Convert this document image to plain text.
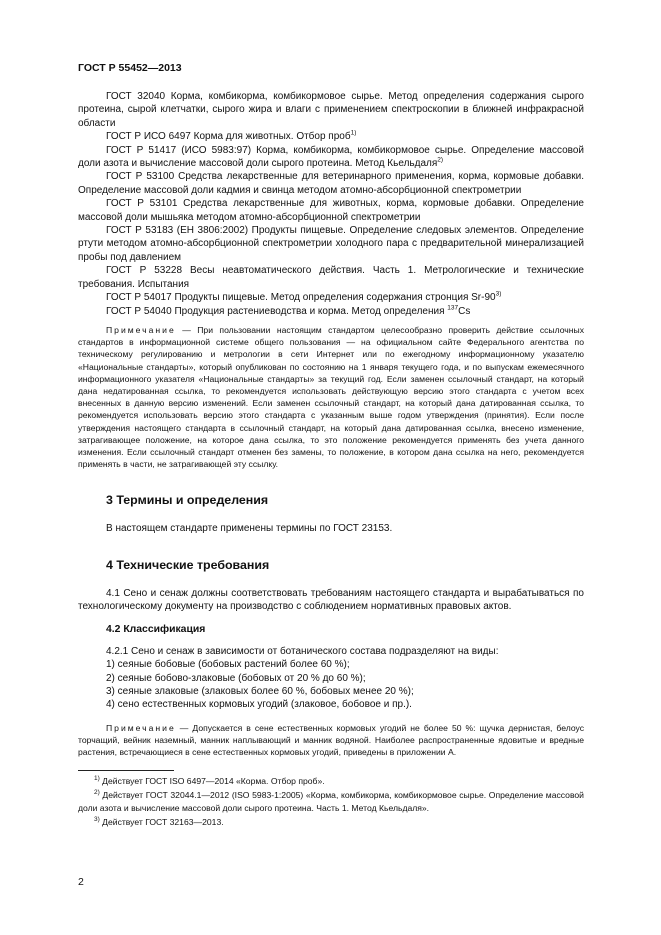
ГОСТ Р 55452—2013

ГОСТ 32040 Корма, комбикорма, комбикормовое сырье. Метод определения содержания сырого протеина, сырой клетчатки, сырого жира и влаги с применением спектроскопии в ближней инфракрасной области

ГОСТ Р ИСО 6497 Корма для животных. Отбор проб$^{1)}$

ГОСТ Р 51417 (ИСО 5983:97) Корма, комбикорма, комбикормовое сырье. Определение массовой доли азота и вычисление массовой доли сырого протеина. Метод Кьельдаля$^{2)}$

ГОСТ Р 53100 Средства лекарственные для ветеринарного применения, корма, кормовые добавки. Определение массовой доли кадмия и свинца методом атомно-абсорбционной спектрометрии

ГОСТ Р 53101 Средства лекарственные для животных, корма, кормовые добавки. Определение массовой доли мышьяка методом атомно-абсорбционной спектрометрии

ГОСТ Р 53183 (ЕН 3806:2002) Продукты пищевые. Определение следовых элементов. Определение ртути методом атомно-абсорбционной спектрометрии холодного пара с предварительной минерализацией пробы под давлением

ГОСТ Р 53228 Весы неавтоматического действия. Часть 1. Метрологические и технические требования. Испытания

ГОСТ Р 54017 Продукты пищевые. Метод определения содержания стронция Sr-90$^{3)}$

ГОСТ Р 54040 Продукция растениеводства и корма. Метод определения $^{137}$Cs

Примечание — При пользовании настоящим стандартом целесообразно проверить действие ссылочных стандартов в информационной системе общего пользования — на официальном сайте Федерального агентства по техническому регулированию и метрологии в сети Интернет или по ежегодному информационному указателю «Национальные стандарты», который опубликован по состоянию на 1 января текущего года, и по выпускам ежемесячного информационного указателя «Национальные стандарты» за текущий год. Если заменен ссылочный стандарт, на который дана недатированная ссылка, то рекомендуется использовать действующую версию этого стандарта с учетом всех внесенных в данную версию изменений. Если заменен ссылочный стандарт, на который дана датированная ссылка, то рекомендуется использовать версию этого стандарта с указанным выше годом утверждения (принятия). Если после утверждения настоящего стандарта в ссылочный стандарт, на который дана датированная ссылка, внесено изменение, затрагивающее положение, на которое дана ссылка, то это положение рекомендуется применять без учета данного изменения. Если ссылочный стандарт отменен без замены, то положение, в котором дана ссылка на него, рекомендуется применять в части, не затрагивающей эту ссылку.

3 Термины и определения

В настоящем стандарте применены термины по ГОСТ 23153.

4 Технические требования

4.1 Сено и сенаж должны соответствовать требованиям настоящего стандарта и вырабатываться по технологическому документу на производство с соблюдением нормативных правовых актов.

4.2 Классификация

4.2.1 Сено и сенаж в зависимости от ботанического состава подразделяют на виды:

1) сеяные бобовые (бобовых растений более 60 %);

2) сеяные бобово-злаковые (бобовых от 20 % до 60 %);

3) сеяные злаковые (злаковых более 60 %, бобовых менее 20 %);

4) сено естественных кормовых угодий (злаковое, бобовое и пр.).

Примечание — Допускается в сене естественных кормовых угодий не более 50 %: щучка дернистая, белоус торчащий, вейник наземный, манник наплывающий и манник водяной. Наиболее распространенные ядовитые и вредные растения, встречающиеся в сене естественных кормовых угодий, приведены в приложении А.

$^{1)}$ Действует ГОСТ ISO 6497—2014 «Корма. Отбор проб».

$^{2)}$ Действует ГОСТ 32044.1—2012 (ISO 5983-1:2005) «Корма, комбикорма, комбикормовое сырье. Определение массовой доли азота и вычисление массовой доли сырого протеина. Часть 1. Метод Кьельдаля».

$^{3)}$ Действует ГОСТ 32163—2013.

2
